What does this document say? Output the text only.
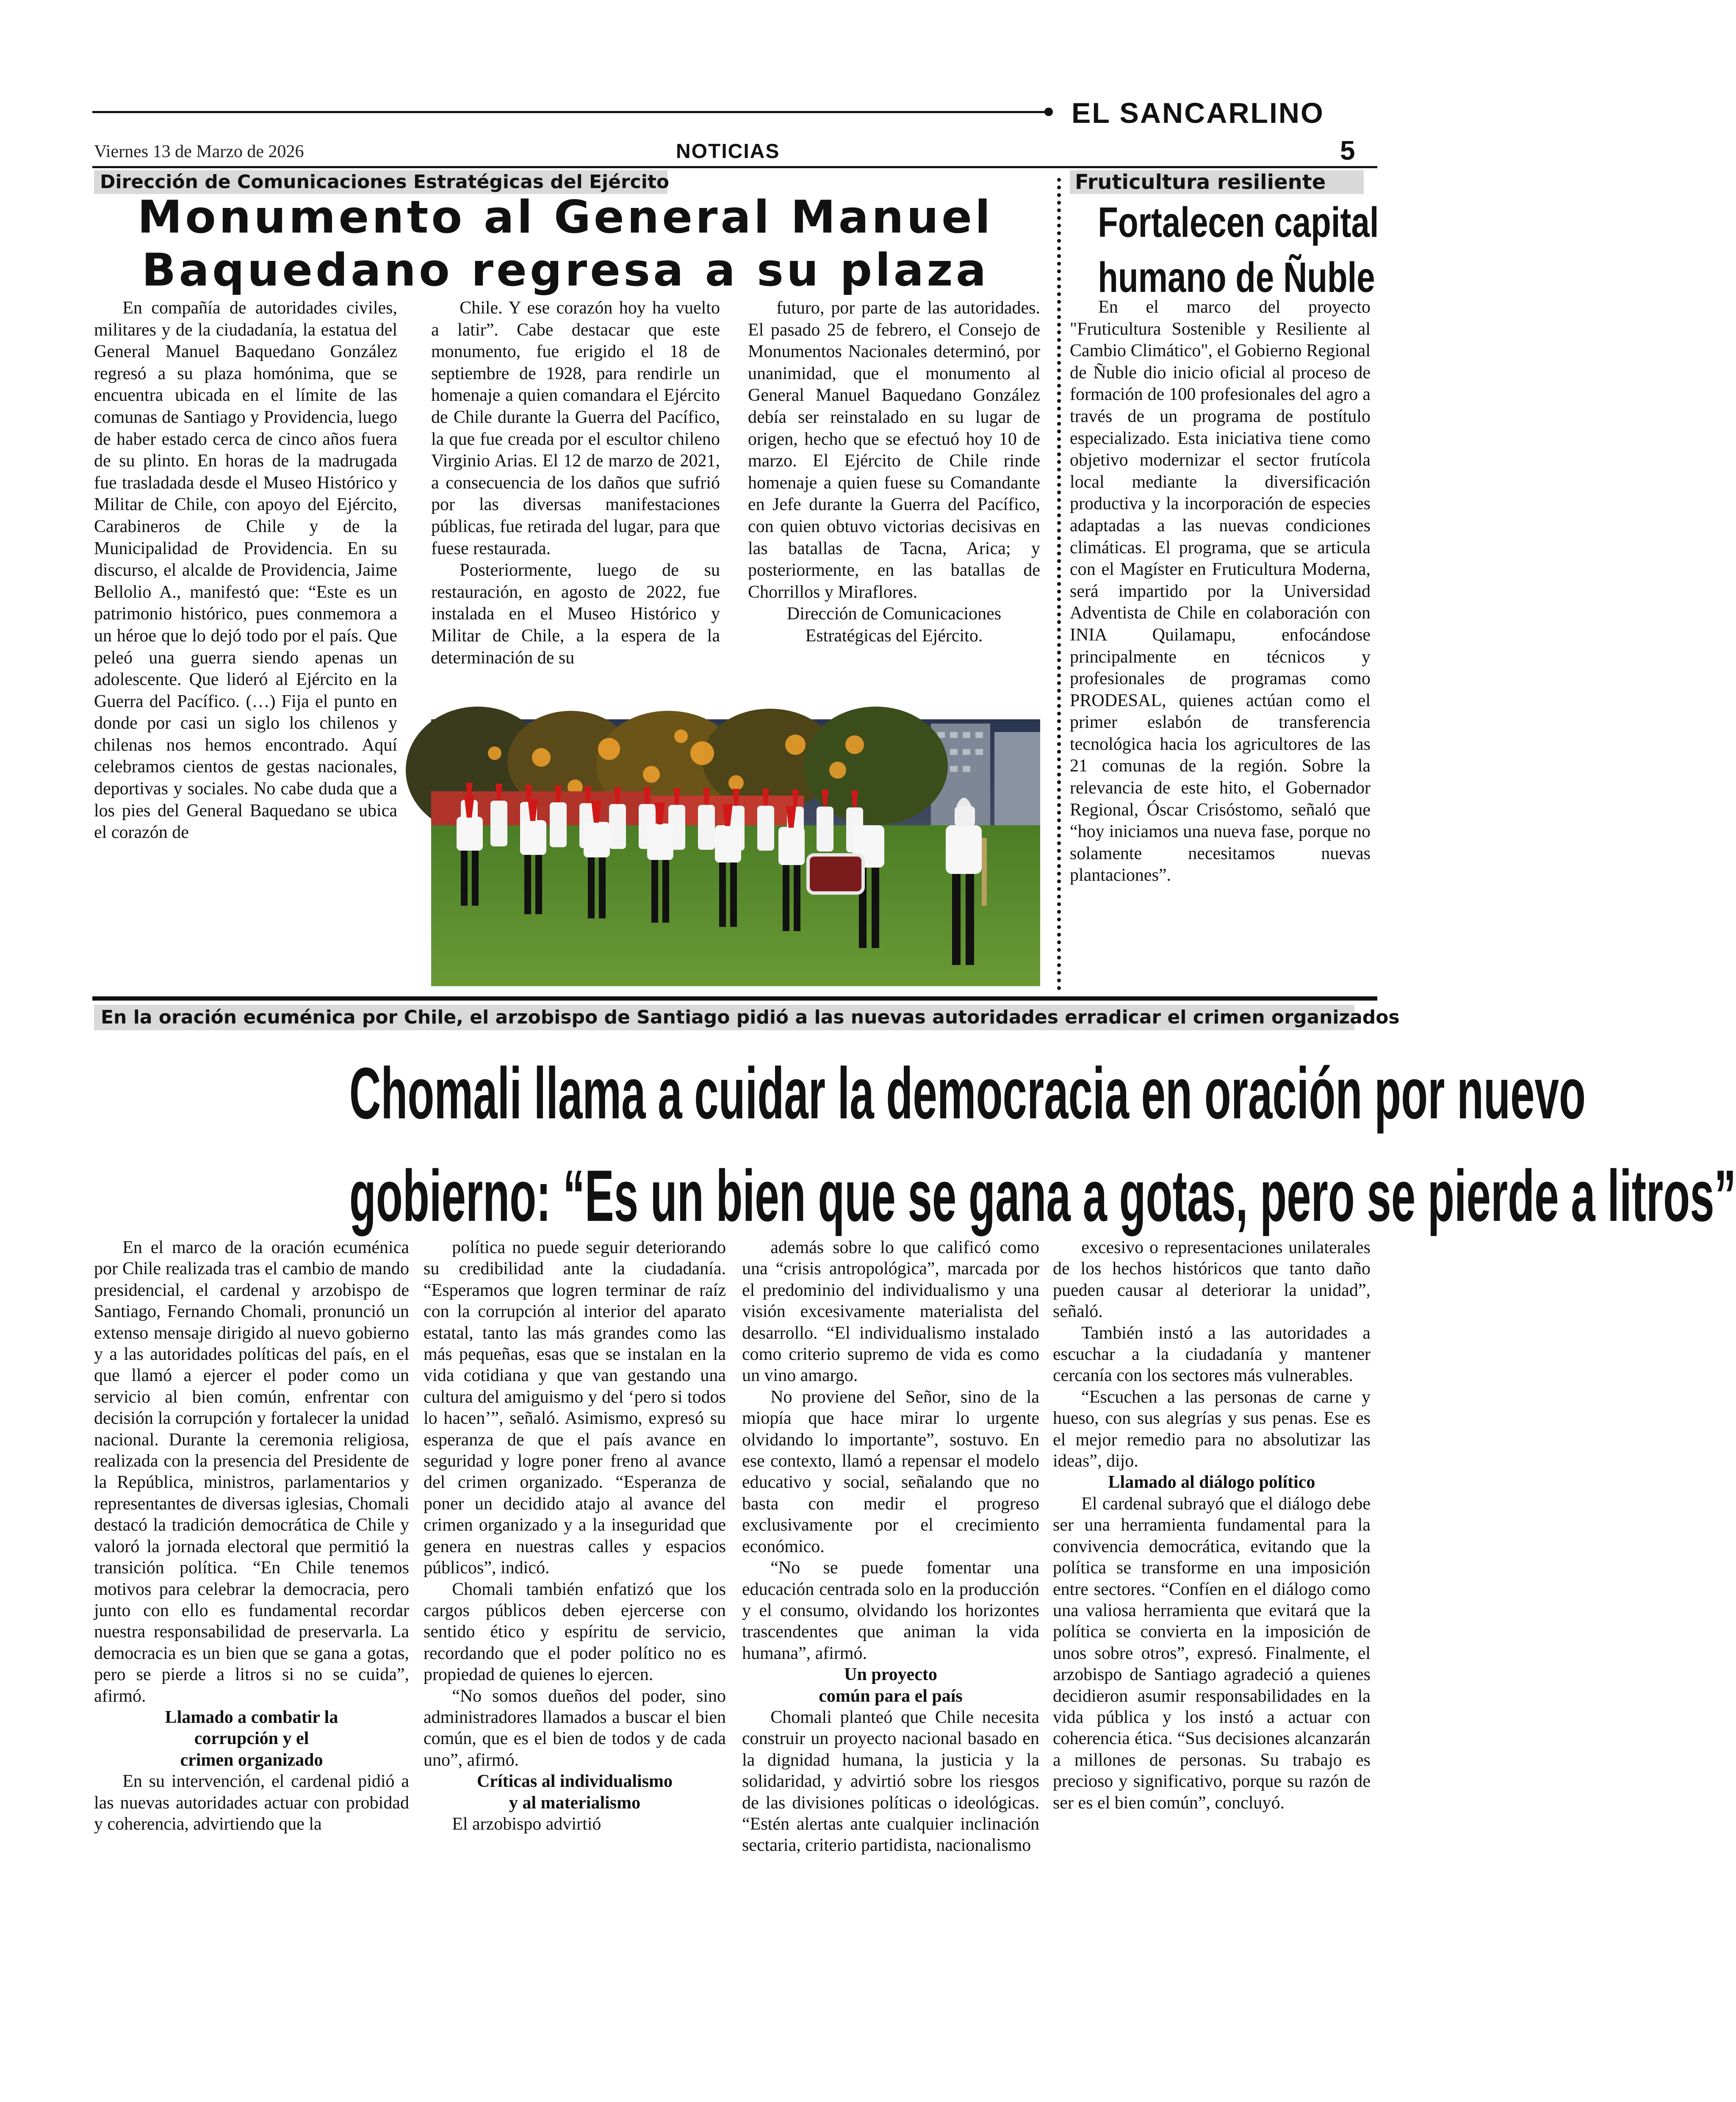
EL SANCARLINO
Viernes 13 de Marzo de 2026	NOTICIAS	5
Dirección de Comunicaciones Estratégicas del Ejército
Monumento al General Manuel
Baquedano regresa a su plaza

En compañía de autoridades civiles, militares y de la ciudadanía, la estatua del General Manuel Baquedano González regresó a su plaza homónima, que se encuentra ubicada en el límite de las comunas de Santiago y Providencia, luego de haber estado cerca de cinco años fuera de su plinto. En horas de la madrugada fue trasladada desde el Museo Histórico y Militar de Chile, con apoyo del Ejército, Carabineros de Chile y de la Municipalidad de Providencia. En su discurso, el alcalde de Providencia, Jaime Bellolio A., manifestó que: “Este es un patrimonio histórico, pues conmemora a un héroe que lo dejó todo por el país. Que peleó una guerra siendo apenas un adolescente. Que lideró al Ejército en la Guerra del Pacífico. (…) Fija el punto en donde por casi un siglo los chilenos y chilenas nos hemos encontrado. Aquí celebramos cientos de gestas nacionales, deportivas y sociales. No cabe duda que a los pies del General Baquedano se ubica el corazón de

Chile. Y ese corazón hoy ha vuelto a latir”. Cabe destacar que este monumento, fue erigido el 18 de septiembre de 1928, para rendirle un homenaje a quien comandara el Ejército de Chile durante la Guerra del Pacífico, la que fue creada por el escultor chileno Virginio Arias. El 12 de marzo de 2021, a consecuencia de los daños que sufrió por las diversas manifestaciones públicas, fue retirada del lugar, para que fuese restaurada.

Posteriormente, luego de su restauración, en agosto de 2022, fue instalada en el Museo Histórico y Militar de Chile, a la espera de la determinación de su

futuro, por parte de las autoridades. El pasado 25 de febrero, el Consejo de Monumentos Nacionales determinó, por unanimidad, que el monumento al General Manuel Baquedano González debía ser reinstalado en su lugar de origen, hecho que se efectuó hoy 10 de marzo. El Ejército de Chile rinde homenaje a quien fuese su Comandante en Jefe durante la Guerra del Pacífico, con quien obtuvo victorias decisivas en las batallas de Tacna, Arica; y posteriormente, en las batallas de Chorrillos y Miraflores.

Dirección de Comunicaciones Estratégicas del Ejército.

Fruticultura resiliente
Fortalecen capital
humano de Ñuble

En el marco del proyecto "Fruticultura Sostenible y Resiliente al Cambio Climático", el Gobierno Regional de Ñuble dio inicio oficial al proceso de formación de 100 profesionales del agro a través de un programa de postítulo especializado. Esta iniciativa tiene como objetivo modernizar el sector frutícola local mediante la diversificación productiva y la incorporación de especies adaptadas a las nuevas condiciones climáticas. El programa, que se articula con el Magíster en Fruticultura Moderna, será impartido por la Universidad Adventista de Chile en colaboración con INIA Quilamapu, enfocándose principalmente en técnicos y profesionales de programas como PRODESAL, quienes actúan como el primer eslabón de transferencia tecnológica hacia los agricultores de las 21 comunas de la región. Sobre la relevancia de este hito, el Gobernador Regional, Óscar Crisóstomo, señaló que “hoy iniciamos una nueva fase, porque no solamente necesitamos nuevas plantaciones”.

En la oración ecuménica por Chile, el arzobispo de Santiago pidió a las nuevas autoridades erradicar el crimen organizados
Chomali llama a cuidar la democracia en oración por nuevo
gobierno: “Es un bien que se gana a gotas, pero se pierde a litros”

En el marco de la oración ecuménica por Chile realizada tras el cambio de mando presidencial, el cardenal y arzobispo de Santiago, Fernando Chomali, pronunció un extenso mensaje dirigido al nuevo gobierno y a las autoridades políticas del país, en el que llamó a ejercer el poder como un servicio al bien común, enfrentar con decisión la corrupción y fortalecer la unidad nacional. Durante la ceremonia religiosa, realizada con la presencia del Presidente de la República, ministros, parlamentarios y representantes de diversas iglesias, Chomali destacó la tradición democrática de Chile y valoró la jornada electoral que permitió la transición política. “En Chile tenemos motivos para celebrar la democracia, pero junto con ello es fundamental recordar nuestra responsabilidad de preservarla. La democracia es un bien que se gana a gotas, pero se pierde a litros si no se cuida”, afirmó.

Llamado a combatir la
corrupción y el
crimen organizado

En su intervención, el cardenal pidió a las nuevas autoridades actuar con probidad y coherencia, advirtiendo que la

política no puede seguir deteriorando su credibilidad ante la ciudadanía. “Esperamos que logren terminar de raíz con la corrupción al interior del aparato estatal, tanto las más grandes como las más pequeñas, esas que se instalan en la vida cotidiana y que van gestando una cultura del amiguismo y del ‘pero si todos lo hacen’”, señaló. Asimismo, expresó su esperanza de que el país avance en seguridad y logre poner freno al avance del crimen organizado. “Esperanza de poner un decidido atajo al avance del crimen organizado y a la inseguridad que genera en nuestras calles y espacios públicos”, indicó.

Chomali también enfatizó que los cargos públicos deben ejercerse con sentido ético y espíritu de servicio, recordando que el poder político no es propiedad de quienes lo ejercen.

“No somos dueños del poder, sino administradores llamados a buscar el bien común, que es el bien de todos y de cada uno”, afirmó.

Críticas al individualismo
y al materialismo

El arzobispo advirtió

además sobre lo que calificó como una “crisis antropológica”, marcada por el predominio del individualismo y una visión excesivamente materialista del desarrollo. “El individualismo instalado como criterio supremo de vida es como un vino amargo.

No proviene del Señor, sino de la miopía que hace mirar lo urgente olvidando lo importante”, sostuvo. En ese contexto, llamó a repensar el modelo educativo y social, señalando que no basta con medir el progreso exclusivamente por el crecimiento económico.

“No se puede fomentar una educación centrada solo en la producción y el consumo, olvidando los horizontes trascendentes que animan la vida humana”, afirmó.

Un proyecto
común para el país

Chomali planteó que Chile necesita construir un proyecto nacional basado en la dignidad humana, la justicia y la solidaridad, y advirtió sobre los riesgos de las divisiones políticas o ideológicas. “Estén alertas ante cualquier inclinación sectaria, criterio partidista, nacionalismo

excesivo o representaciones unilaterales de los hechos históricos que tanto daño pueden causar al deteriorar la unidad”, señaló.

También instó a las autoridades a escuchar a la ciudadanía y mantener cercanía con los sectores más vulnerables.

“Escuchen a las personas de carne y hueso, con sus alegrías y sus penas. Ese es el mejor remedio para no absolutizar las ideas”, dijo.

Llamado al diálogo político

El cardenal subrayó que el diálogo debe ser una herramienta fundamental para la convivencia democrática, evitando que la política se transforme en una imposición entre sectores. “Confíen en el diálogo como una valiosa herramienta que evitará que la política se convierta en la imposición de unos sobre otros”, expresó. Finalmente, el arzobispo de Santiago agradeció a quienes decidieron asumir responsabilidades en la vida pública y los instó a actuar con coherencia ética. “Sus decisiones alcanzarán a millones de personas. Su trabajo es precioso y significativo, porque su razón de ser es el bien común”, concluyó.
